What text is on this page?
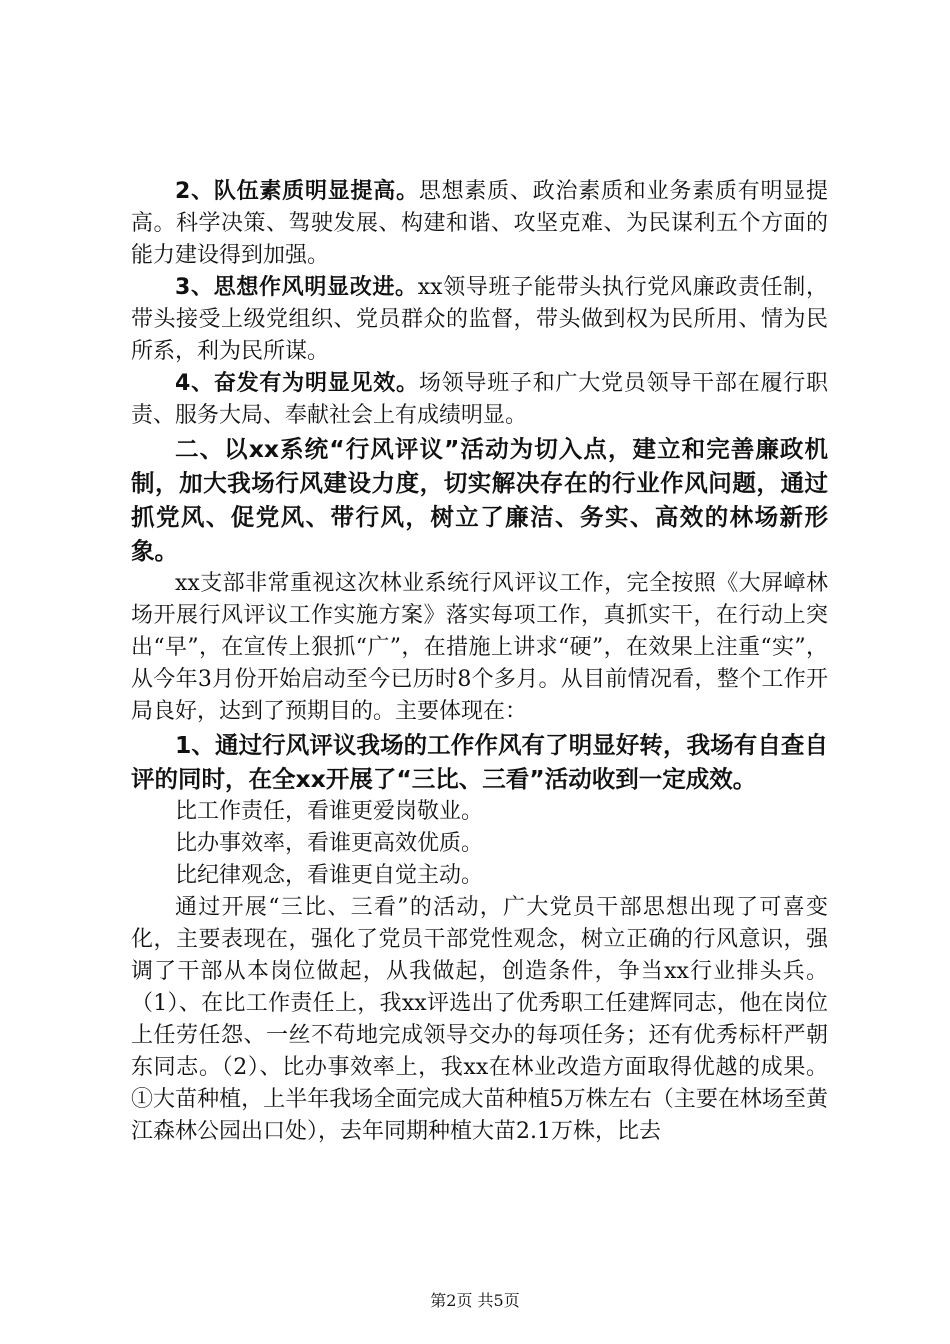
2、队伍素质明显提高。思想素质、政治素质和业务素质有明显提高。科学决策、驾驶发展、构建和谐、攻坚克难、为民谋利五个方面的能力建设得到加强。

3、思想作风明显改进。xx领导班子能带头执行党风廉政责任制，带头接受上级党组织、党员群众的监督，带头做到权为民所用、情为民所系，利为民所谋。

4、奋发有为明显见效。场领导班子和广大党员领导干部在履行职责、服务大局、奉献社会上有成绩明显。

二、以xx系统“行风评议”活动为切入点，建立和完善廉政机制，加大我场行风建设力度，切实解决存在的行业作风问题，通过抓党风、促党风、带行风，树立了廉洁、务实、高效的林场新形象。

xx支部非常重视这次林业系统行风评议工作，完全按照《大屏嶂林场开展行风评议工作实施方案》落实每项工作，真抓实干，在行动上突出“早”，在宣传上狠抓“广”，在措施上讲求“硬”，在效果上注重“实”，从今年3月份开始启动至今已历时8个多月。从目前情况看，整个工作开局良好，达到了预期目的。主要体现在：

1、通过行风评议我场的工作作风有了明显好转，我场有自查自评的同时，在全xx开展了“三比、三看”活动收到一定成效。

比工作责任，看谁更爱岗敬业。

比办事效率，看谁更高效优质。

比纪律观念，看谁更自觉主动。

通过开展“三比、三看”的活动，广大党员干部思想出现了可喜变化，主要表现在，强化了党员干部党性观念，树立正确的行风意识，强调了干部从本岗位做起，从我做起，创造条件，争当xx行业排头兵。（1）、在比工作责任上，我xx评选出了优秀职工任建辉同志，他在岗位上任劳任怨、一丝不苟地完成领导交办的每项任务；还有优秀标杆严朝东同志。（2）、比办事效率上，我xx在林业改造方面取得优越的成果。①大苗种植，上半年我场全面完成大苗种植5万株左右（主要在林场至黄江森林公园出口处），去年同期种植大苗2.1万株，比去

第2页 共5页
